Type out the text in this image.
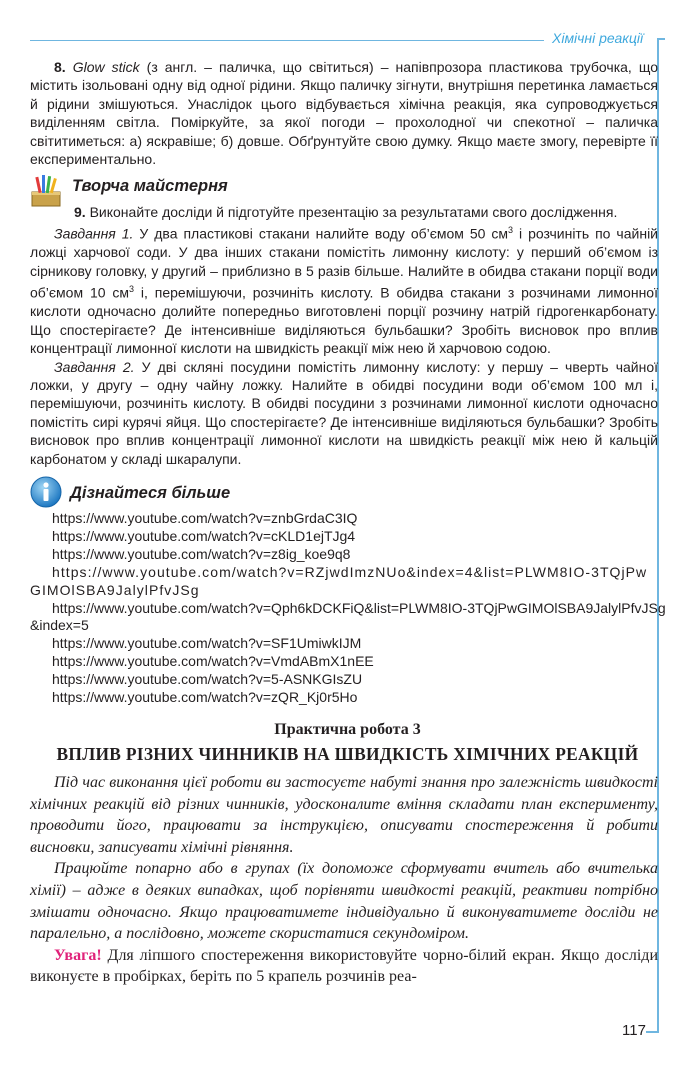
Хімічні реакції

8. Glow stick (з англ. – паличка, що світиться) – напівпрозора пластикова трубочка, що містить ізольовані одну від одної рідини. Якщо паличку зігнути, внутрішня перетинка ламається й рідини змішуються. Унаслідок цього відбувається хімічна реакція, яка супроводжується виділенням світла. Поміркуйте, за якої погоди – прохолодної чи спекотної – паличка світитиметься: а) яскравіше; б) довше. Обґрунтуйте свою думку. Якщо маєте змогу, перевірте її експериментально.

Творча майстерня

9. Виконайте досліди й підготуйте презентацію за результатами свого дослідження.

Завдання 1. У два пластикові стакани налийте воду об’ємом 50 $см^3$ і розчиніть по чайній ложці харчової соди. У два інших стакани помістіть лимонну кислоту: у перший об’ємом із сірникову головку, у другий – приблизно в 5 разів більше. Налийте в обидва стакани порції води об’ємом 10 $см^3$ і, перемішуючи, розчиніть кислоту. В обидва стакани з розчинами лимонної кислоти одночасно долийте попередньо виготовлені порції розчину натрій гідрогенкарбонату. Що спостерігаєте? Де інтенсивніше виділяються бульбашки? Зробіть висновок про вплив концентрації лимонної кислоти на швидкість реакції між нею й харчовою содою.

Завдання 2. У дві скляні посудини помістіть лимонну кислоту: у першу – чверть чайної ложки, у другу – одну чайну ложку. Налийте в обидві посудини води об’ємом 100 мл і, перемішуючи, розчиніть кислоту. В обидві посудини з розчинами лимонної кислоти одночасно помістіть сирі курячі яйця. Що спостерігаєте? Де інтенсивніше виділяються бульбашки? Зробіть висновок про вплив концентрації лимонної кислоти на швидкість реакції між нею й кальцій карбонатом у складі шкаралупи.

Дізнайтеся більше
https://www.youtube.com/watch?v=znbGrdaC3IQ
https://www.youtube.com/watch?v=cKLD1ejTJg4
https://www.youtube.com/watch?v=z8ig_koe9q8
https://www.youtube.com/watch?v=RZjwdImzNUo&index=4&list=PLWM8IO-3TQjPwGIMOlSBA9JalylPfvJSg
https://www.youtube.com/watch?v=Qph6kDCKFiQ&list=PLWM8IO-3TQjPwGIMOlSBA9JalylPfvJSg&index=5
https://www.youtube.com/watch?v=SF1UmiwkIJM
https://www.youtube.com/watch?v=VmdABmX1nEE
https://www.youtube.com/watch?v=5-ASNKGIsZU
https://www.youtube.com/watch?v=zQR_Kj0r5Ho
Практична робота 3
ВПЛИВ РІЗНИХ ЧИННИКІВ НА ШВИДКІСТЬ ХІМІЧНИХ РЕАКЦІЙ

Під час виконання цієї роботи ви застосуєте набуті знання про залежність швидкості хімічних реакцій від різних чинників, удосконалите вміння складати план експерименту, проводити його, працювати за інструкцією, описувати спостереження й робити висновки, записувати хімічні рівняння.

Працюйте попарно або в групах (їх допоможе сформувати вчитель або вчителька хімії) – адже в деяких випадках, щоб порівняти швидкості реакцій, реактиви потрібно змішати одночасно. Якщо працюватимете індивідуально й виконуватимете досліди не паралельно, а послідовно, можете скористатися секундоміром.

Увага! Для ліпшого спостереження використовуйте чорно-білий екран. Якщо досліди виконуєте в пробірках, беріть по 5 крапель розчинів реа-

117
